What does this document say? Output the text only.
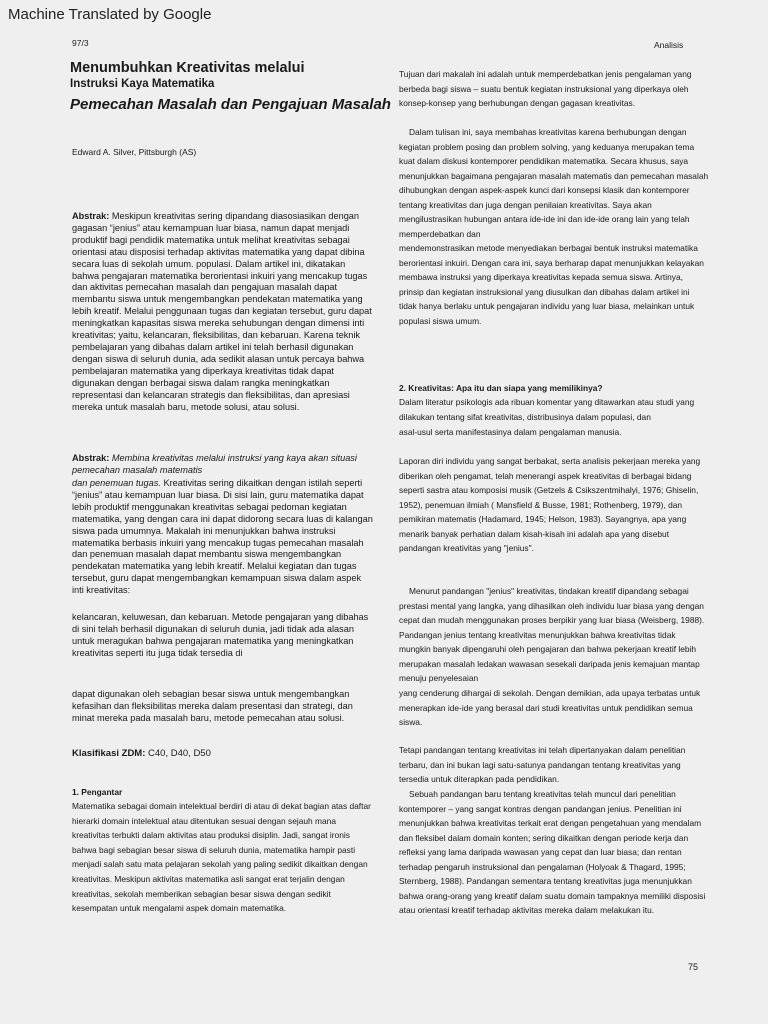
Machine Translated by Google
97/3	Analisis
Menumbuhkan Kreativitas melalui
Instruksi Kaya Matematika
Pemecahan Masalah dan Pengajuan Masalah
Edward A. Silver, Pittsburgh (AS)

Abstrak: Meskipun kreativitas sering dipandang diasosiasikan dengan gagasan “jenius” atau kemampuan luar biasa, namun dapat menjadi produktif bagi pendidik matematika untuk melihat kreativitas sebagai orientasi atau disposisi terhadap aktivitas matematika yang dapat dibina secara luas di sekolah umum. populasi. Dalam artikel ini, dikatakan bahwa pengajaran matematika berorientasi inkuiri yang mencakup tugas dan aktivitas pemecahan masalah dan pengajuan masalah dapat membantu siswa untuk mengembangkan pendekatan matematika yang lebih kreatif. Melalui penggunaan tugas dan kegiatan tersebut, guru dapat meningkatkan kapasitas siswa mereka sehubungan dengan dimensi inti kreativitas; yaitu, kelancaran, fleksibilitas, dan kebaruan. Karena teknik pembelajaran yang dibahas dalam artikel ini telah berhasil digunakan dengan siswa di seluruh dunia, ada sedikit alasan untuk percaya bahwa pembelajaran matematika yang diperkaya kreativitas tidak dapat digunakan dengan berbagai siswa dalam rangka meningkatkan representasi dan kelancaran strategis dan fleksibilitas, dan apresiasi mereka untuk masalah baru, metode solusi, atau solusi.

Abstrak: Membina kreativitas melalui instruksi yang kaya akan situasi pemecahan masalah matematis

dan penemuan tugas. Kreativitas sering dikaitkan dengan istilah seperti “jenius” atau kemampuan luar biasa. Di sisi lain, guru matematika dapat lebih produktif menggunakan kreativitas sebagai pedoman kegiatan matematika, yang dengan cara ini dapat didorong secara luas di kalangan siswa pada umumnya. Makalah ini menunjukkan bahwa instruksi matematika berbasis inkuiri yang mencakup tugas pemecahan masalah dan penemuan masalah dapat membantu siswa mengembangkan pendekatan matematika yang lebih kreatif. Melalui kegiatan dan tugas tersebut, guru dapat mengembangkan kemampuan siswa dalam aspek inti kreativitas:

kelancaran, keluwesan, dan kebaruan. Metode pengajaran yang dibahas di sini telah berhasil digunakan di seluruh dunia, jadi tidak ada alasan untuk meragukan bahwa pengajaran matematika yang meningkatkan kreativitas seperti itu juga tidak tersedia di

dapat digunakan oleh sebagian besar siswa untuk mengembangkan kefasihan dan fleksibilitas mereka dalam presentasi dan strategi, dan minat mereka pada masalah baru, metode pemecahan atau solusi.

Klasifikasi ZDM: C40, D40, D50

1. Pengantar

Matematika sebagai domain intelektual berdiri di atau di dekat bagian atas daftar hierarki domain intelektual atau ditentukan sesuai dengan sejauh mana kreativitas terbukti dalam aktivitas atau produksi disiplin. Jadi, sangat ironis bahwa bagi sebagian besar siswa di seluruh dunia, matematika hampir pasti menjadi salah satu mata pelajaran sekolah yang paling sedikit dikaitkan dengan kreativitas. Meskipun aktivitas matematika asli sangat erat terjalin dengan kreativitas, sekolah memberikan sebagian besar siswa dengan sedikit kesempatan untuk mengalami aspek domain matematika.

Tujuan dari makalah ini adalah untuk memperdebatkan jenis pengalaman yang berbeda bagi siswa – suatu bentuk kegiatan instruksional yang diperkaya oleh konsep-konsep yang berhubungan dengan gagasan kreativitas.

Dalam tulisan ini, saya membahas kreativitas karena berhubungan dengan kegiatan problem posing dan problem solving, yang keduanya merupakan tema kuat dalam diskusi kontemporer pendidikan matematika. Secara khusus, saya menunjukkan bagaimana pengajaran masalah matematis dan pemecahan masalah dihubungkan dengan aspek-aspek kunci dari konsepsi klasik dan kontemporer tentang kreativitas dan juga dengan penilaian kreativitas. Saya akan mengilustrasikan hubungan antara ide-ide ini dan ide-ide orang lain yang telah memperdebatkan dan

mendemonstrasikan metode menyediakan berbagai bentuk instruksi matematika berorientasi inkuiri. Dengan cara ini, saya berharap dapat menunjukkan kelayakan membawa instruksi yang diperkaya kreativitas kepada semua siswa. Artinya, prinsip dan kegiatan instruksional yang diusulkan dan dibahas dalam artikel ini tidak hanya berlaku untuk pengajaran individu yang luar biasa, melainkan untuk populasi siswa umum.

2. Kreativitas: Apa itu dan siapa yang memilikinya?

Dalam literatur psikologis ada ribuan komentar yang ditawarkan atau studi yang dilakukan tentang sifat kreativitas, distribusinya dalam populasi, dan

asal-usul serta manifestasinya dalam pengalaman manusia.

Laporan diri individu yang sangat berbakat, serta analisis pekerjaan mereka yang diberikan oleh pengamat, telah menerangi aspek kreativitas di berbagai bidang seperti sastra atau komposisi musik (Getzels & Csikszentmihalyi, 1976; Ghiselin, 1952), penemuan ilmiah ( Mansfield & Busse, 1981; Rothenberg, 1979), dan pemikiran matematis (Hadamard, 1945; Helson, 1983). Sayangnya, apa yang menarik banyak perhatian dalam kisah-kisah ini adalah apa yang disebut pandangan kreativitas yang "jenius".

Menurut pandangan "jenius" kreativitas, tindakan kreatif dipandang sebagai prestasi mental yang langka, yang dihasilkan oleh individu luar biasa yang dengan cepat dan mudah menggunakan proses berpikir yang luar biasa (Weisberg, 1988). Pandangan jenius tentang kreativitas menunjukkan bahwa kreativitas tidak mungkin banyak dipengaruhi oleh pengajaran dan bahwa pekerjaan kreatif lebih merupakan masalah ledakan wawasan sesekali daripada jenis kemajuan mantap menuju penyelesaian

yang cenderung dihargai di sekolah. Dengan demikian, ada upaya terbatas untuk menerapkan ide-ide yang berasal dari studi kreativitas untuk pendidikan semua siswa.

Tetapi pandangan tentang kreativitas ini telah dipertanyakan dalam penelitian terbaru, dan ini bukan lagi satu-satunya pandangan tentang kreativitas yang tersedia untuk diterapkan pada pendidikan.

Sebuah pandangan baru tentang kreativitas telah muncul dari penelitian kontemporer – yang sangat kontras dengan pandangan jenius. Penelitian ini menunjukkan bahwa kreativitas terkait erat dengan pengetahuan yang mendalam dan fleksibel dalam domain konten; sering dikaitkan dengan periode kerja dan refleksi yang lama daripada wawasan yang cepat dan luar biasa; dan rentan terhadap pengaruh instruksional dan pengalaman (Holyoak & Thagard, 1995; Sternberg, 1988). Pandangan sementara tentang kreativitas juga menunjukkan bahwa orang-orang yang kreatif dalam suatu domain tampaknya memiliki disposisi atau orientasi kreatif terhadap aktivitas mereka dalam melakukan itu.

75
